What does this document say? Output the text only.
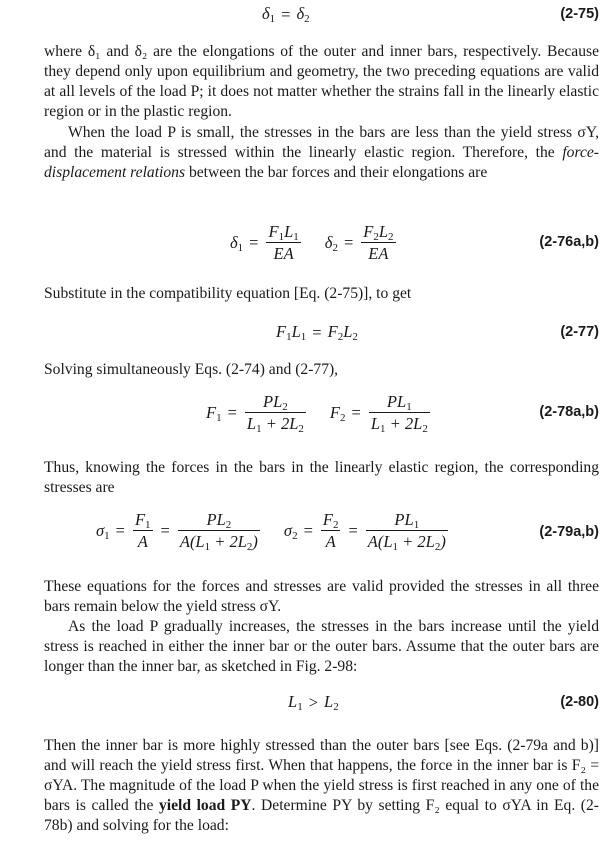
$\delta_1 = \delta_2$	(2-75)

where δ₁ and δ₂ are the elongations of the outer and inner bars, respectively. Because they depend only upon equilibrium and geometry, the two preceding equations are valid at all levels of the load P; it does not matter whether the strains fall in the linearly elastic region or in the plastic region.

When the load P is small, the stresses in the bars are less than the yield stress σY, and the material is stressed within the linearly elastic region. Therefore, the force-displacement relations between the bar forces and their elongations are

$\delta_1 = \frac{F_1L_1}{EA} \delta_2 = \frac{F_2L_2}{EA}$	(2-76a,b)

Substitute in the compatibility equation [Eq. (2-75)], to get

$F_1L_1 = F_2L_2$	(2-77)

Solving simultaneously Eqs. (2-74) and (2-77),

$F_1 = \frac{PL_2}{L_1 + 2L_2} F_2 = \frac{PL_1}{L_1 + 2L_2}$	(2-78a,b)

Thus, knowing the forces in the bars in the linearly elastic region, the corresponding stresses are

$\sigma_1 = \frac{F_1}{A} = \frac{PL_2}{A(L_1 + 2L_2)} \sigma_2 = \frac{F_2}{A} = \frac{PL_1}{A(L_1 + 2L_2)}$	(2-79a,b)

These equations for the forces and stresses are valid provided the stresses in all three bars remain below the yield stress σY.

As the load P gradually increases, the stresses in the bars increase until the yield stress is reached in either the inner bar or the outer bars. Assume that the outer bars are longer than the inner bar, as sketched in Fig. 2-98:

$L_1 > L_2$	(2-80)

Then the inner bar is more highly stressed than the outer bars [see Eqs. (2-79a and b)] and will reach the yield stress first. When that happens, the force in the inner bar is F₂ = σYA. The magnitude of the load P when the yield stress is first reached in any one of the bars is called the yield load PY. Determine PY by setting F₂ equal to σYA in Eq. (2-78b) and solving for the load:
